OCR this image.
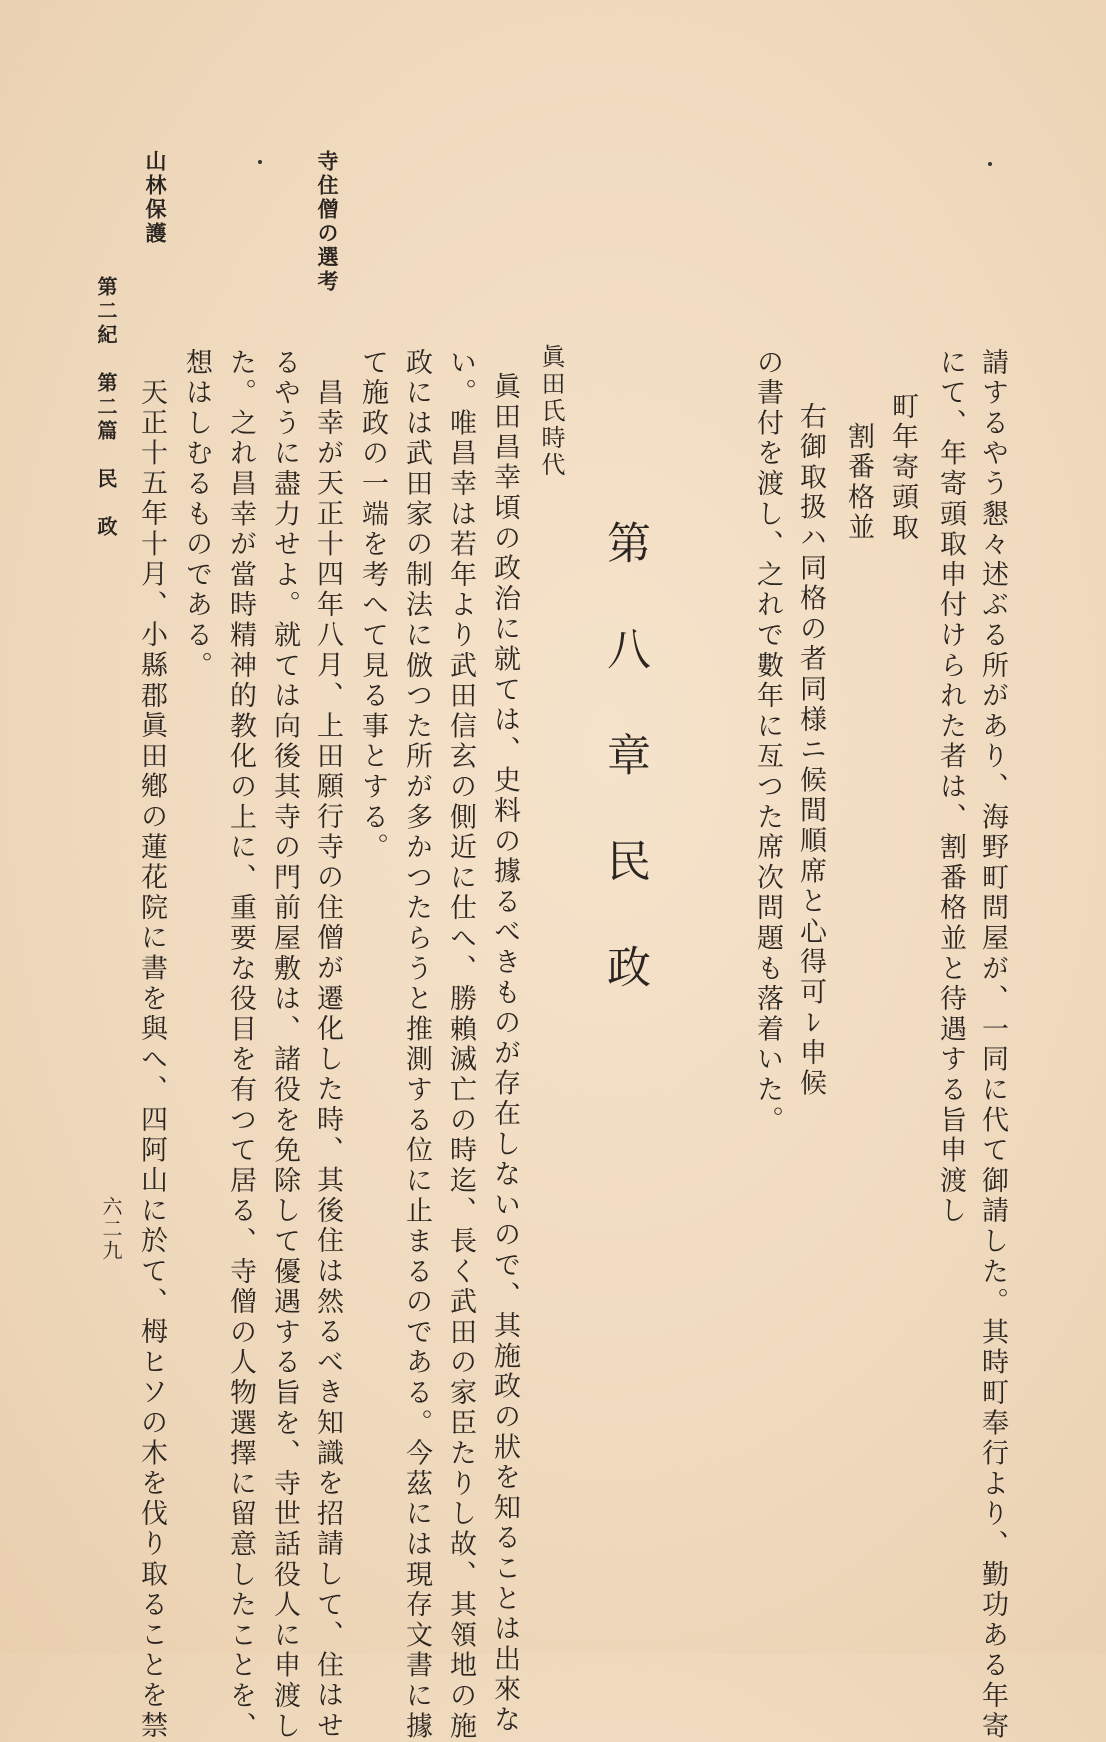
請するやう懇々述ぶる所があり、海野町問屋が、一同に代て御請した。其時町奉行より、勤功ある年寄
にて、年寄頭取申付けられた者は、割番格並と待遇する旨申渡し
町年寄頭取
割番格並
右御取扱ハ同格の者同様ニ候間順席と心得可ﾚ申候
の書付を渡し、之れで數年に亙つた席次問題も落着いた。
第八章民政
眞田氏時代
眞田昌幸頃の政治に就ては、史料の據るべきものが存在しないので、其施政の狀を知ることは出來な
い。唯昌幸は若年より武田信玄の側近に仕へ、勝賴滅亡の時迄、長く武田の家臣たりし故、其領地の施
政には武田家の制法に倣つた所が多かつたらうと推測する位に止まるのである。今茲には現存文書に據
て施政の一端を考へて見る事とする。
昌幸が天正十四年八月、上田願行寺の住僧が遷化した時、其後住は然るべき知識を招請して、住はせ
るやうに盡力せよ。就ては向後其寺の門前屋敷は、諸役を免除して優遇する旨を、寺世話役人に申渡し
た。之れ昌幸が當時精神的教化の上に、重要な役目を有つて居る、寺僧の人物選擇に留意したことを、
想はしむるものである。
天正十五年十月、小縣郡眞田鄕の蓮花院に書を與へ、四阿山に於て、栂ヒソの木を伐り取ることを禁
寺住僧の選考
山林保護
第二紀　第二篇　民　政
六二九
